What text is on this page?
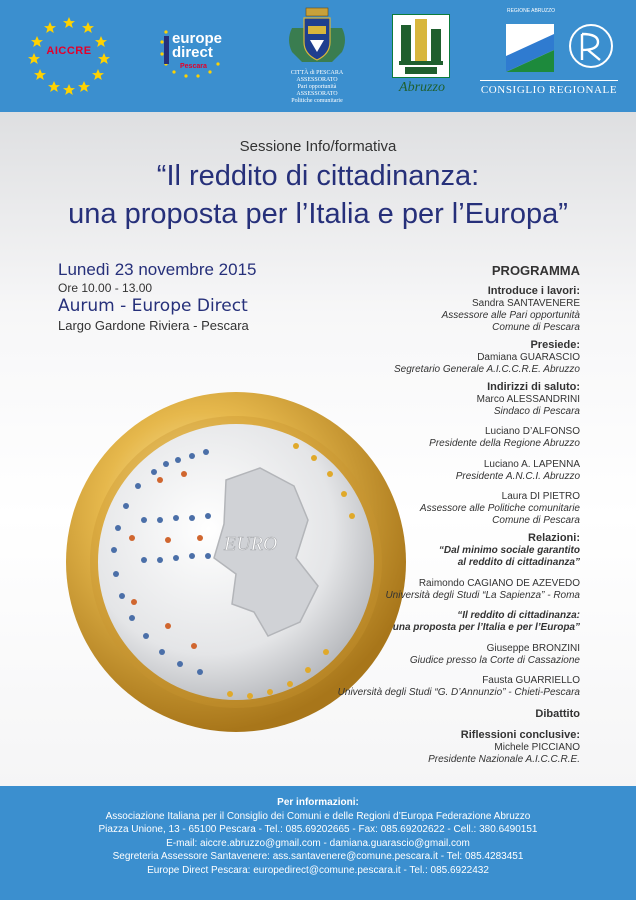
AICCRE
europe
direct
Pescara
CITTÀ di PESCARA
ASSESSORATO
Pari opportunità
ASSESSORATO
Politiche comunitarie
Abruzzo
REGIONE ABRUZZO
CONSIGLIO REGIONALE
Sessione Info/formativa
“Il reddito di cittadinanza:
una proposta per l’Italia e per l’Europa”
Lunedì 23 novembre 2015
Ore 10.00 - 13.00
Aurum - Europe Direct
Largo Gardone Riviera - Pescara
EURO
PROGRAMMA
Introduce i lavori:
Sandra SANTAVENERE
Assessore alle Pari opportunità
Comune di Pescara
Presiede:
Damiana GUARASCIO
Segretario Generale A.I.C.C.R.E. Abruzzo
Indirizzi di saluto:
Marco ALESSANDRINI
Sindaco di Pescara
Luciano D’ALFONSO
Presidente della Regione Abruzzo
Luciano A. LAPENNA
Presidente A.N.C.I. Abruzzo
Laura DI PIETRO
Assessore alle Politiche comunitarie
Comune di Pescara
Relazioni:
“Dal minimo sociale garantito
al reddito di cittadinanza”
Raimondo CAGIANO DE AZEVEDO
Università degli Studi “La Sapienza” - Roma
“Il reddito di cittadinanza:
una proposta per l’Italia e per l’Europa”
Giuseppe BRONZINI
Giudice presso la Corte di Cassazione
Fausta GUARRIELLO
Università degli Studi “G. D’Annunzio” - Chieti-Pescara
Dibattito
Riflessioni conclusive:
Michele PICCIANO
Presidente Nazionale A.I.C.C.R.E.
Per informazioni:
Associazione Italiana per il Consiglio dei Comuni e delle Regioni d’Europa Federazione Abruzzo
Piazza Unione, 13 - 65100 Pescara - Tel.: 085.69202665 - Fax: 085.69202622 - Cell.: 380.6490151
E-mail: aiccre.abruzzo@gmail.com - damiana.guarascio@gmail.com
Segreteria Assessore Santavenere: ass.santavenere@comune.pescara.it - Tel: 085.4283451
Europe Direct Pescara: europedirect@comune.pescara.it - Tel.: 085.6922432
